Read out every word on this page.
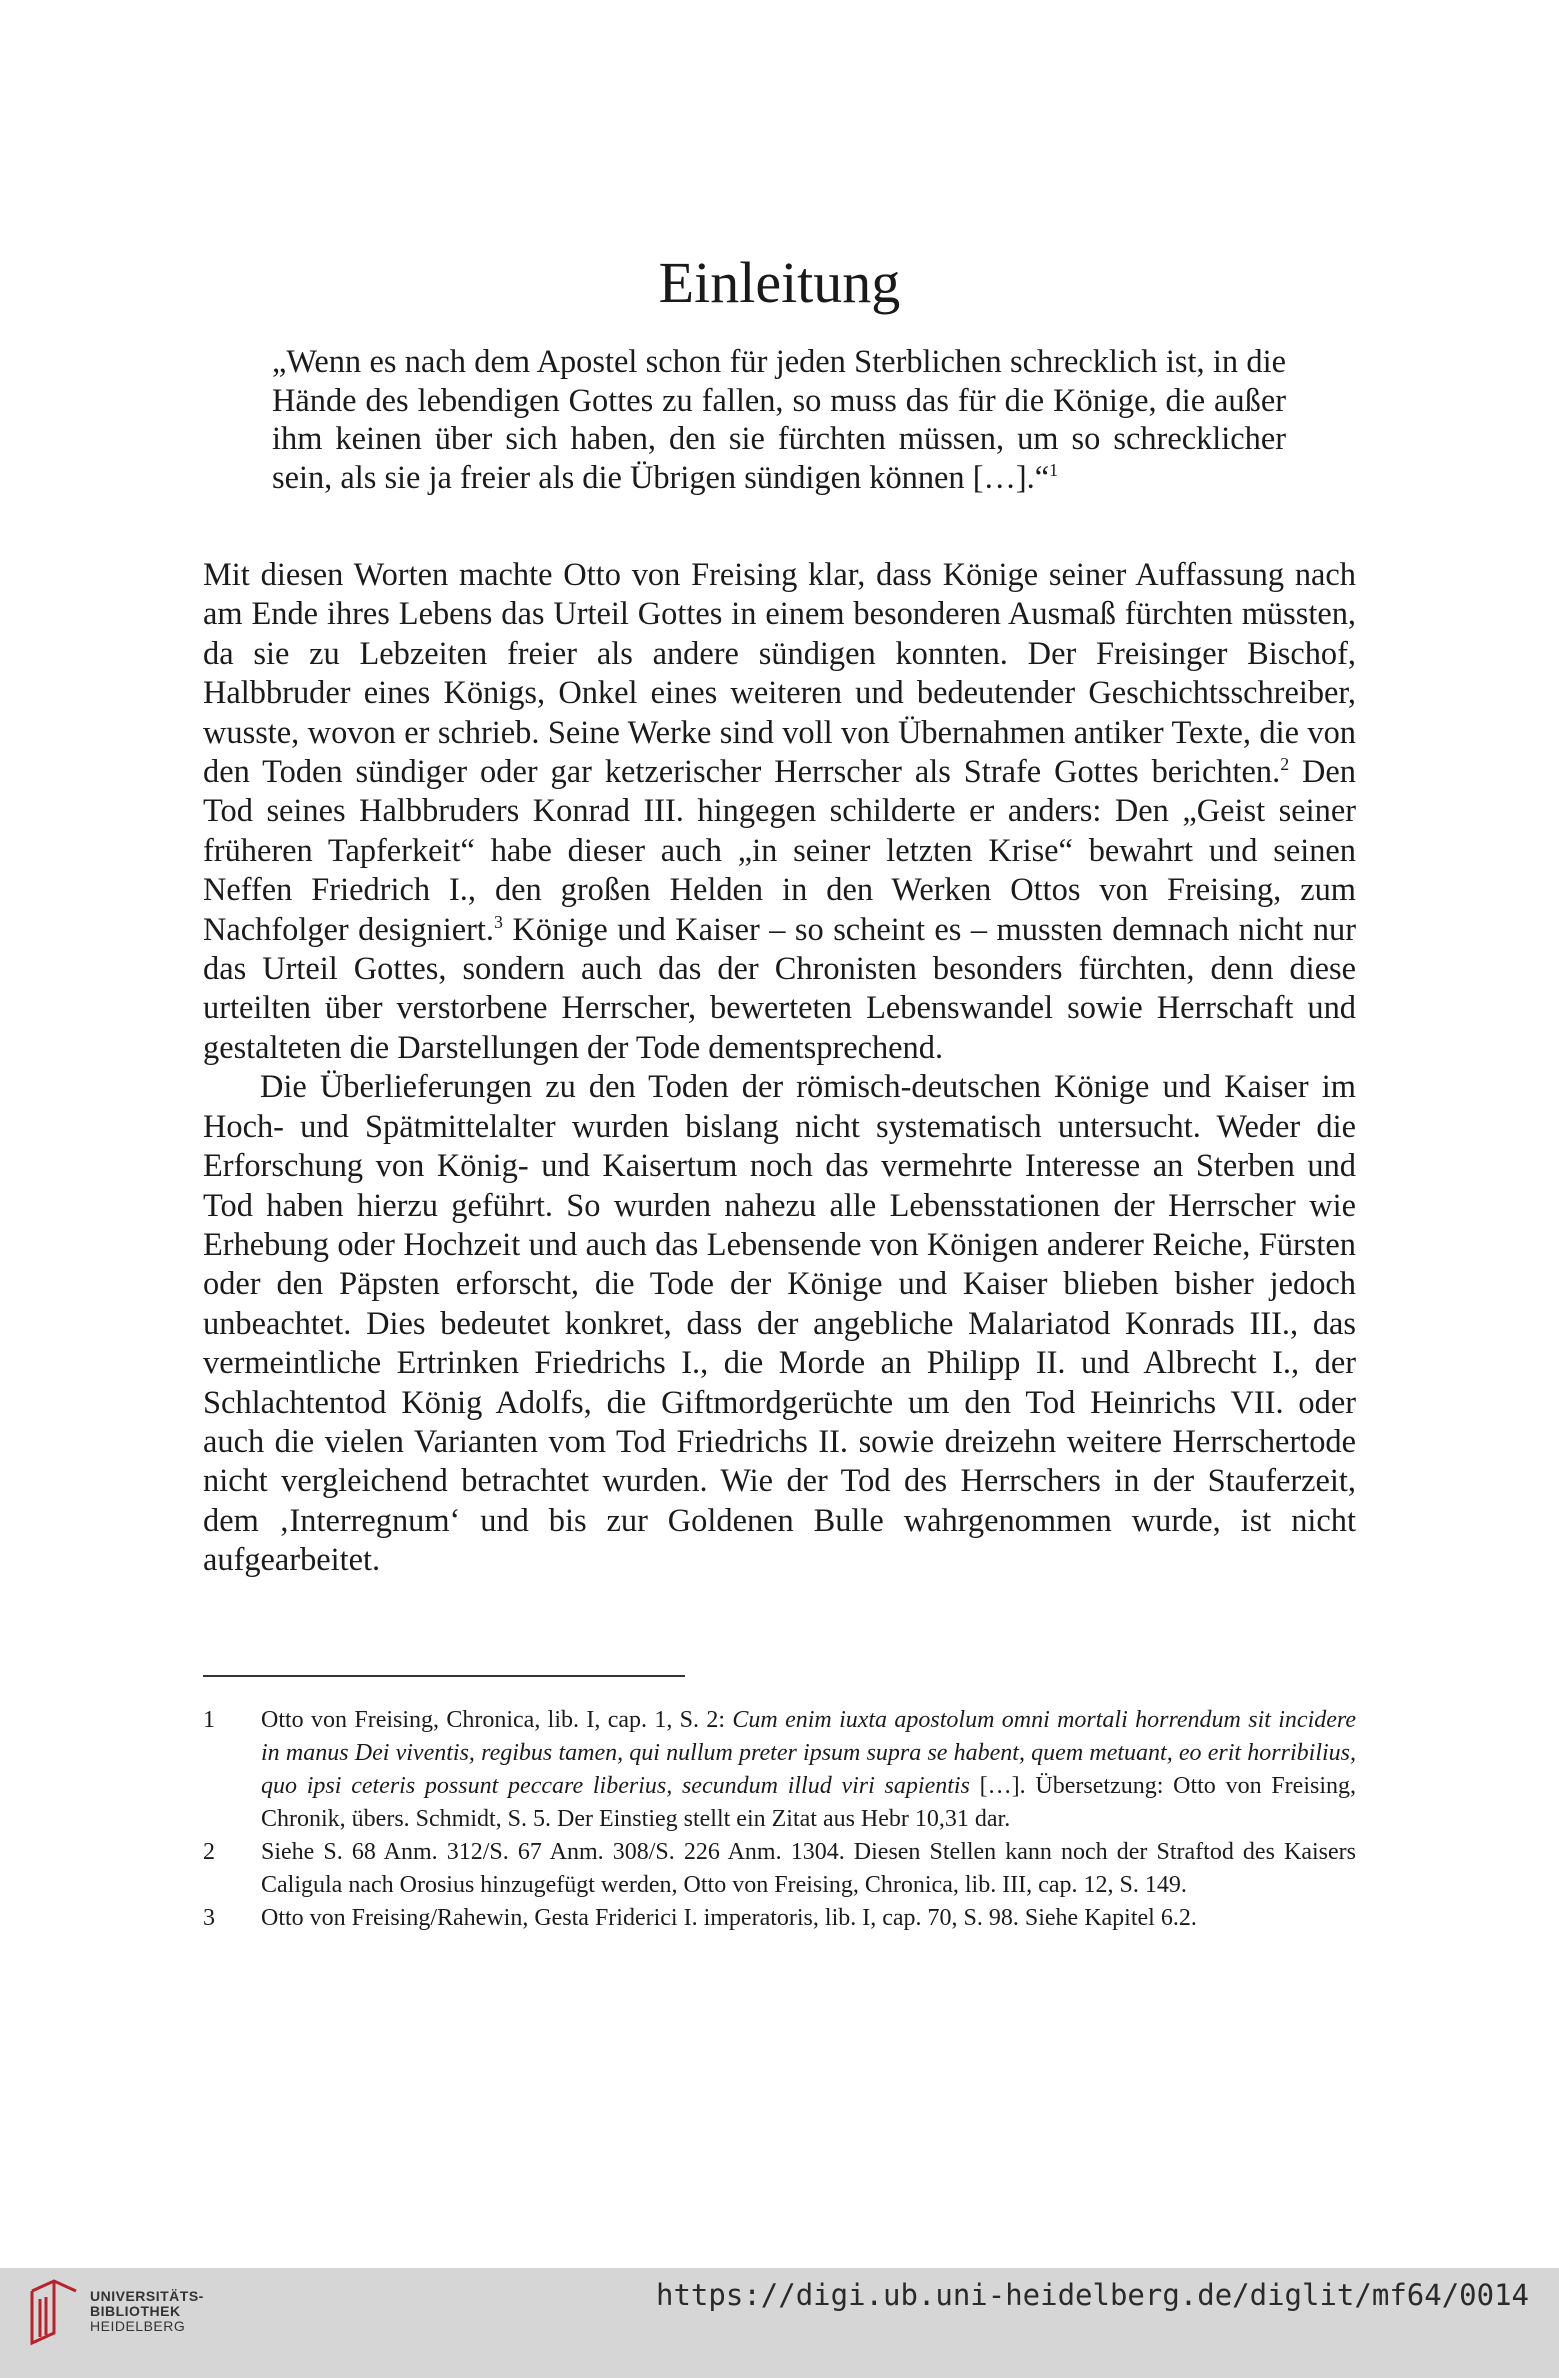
Einleitung

„Wenn es nach dem Apostel schon für jeden Sterblichen schrecklich ist, in die Hände des lebendigen Gottes zu fallen, so muss das für die Könige, die außer ihm keinen über sich haben, den sie fürchten müssen, um so schrecklicher sein, als sie ja freier als die Übrigen sündigen können […].“$^1$

Mit diesen Worten machte Otto von Freising klar, dass Könige seiner Auffassung nach am Ende ihres Lebens das Urteil Gottes in einem besonderen Ausmaß fürchten müssten, da sie zu Lebzeiten freier als andere sündigen konnten. Der Freisinger Bischof, Halbbruder eines Königs, Onkel eines weiteren und bedeutender Geschichtsschreiber, wusste, wovon er schrieb. Seine Werke sind voll von Übernahmen antiker Texte, die von den Toden sündiger oder gar ketzerischer Herrscher als Strafe Gottes berichten.$^2$ Den Tod seines Halbbruders Konrad III. hingegen schilderte er anders: Den „Geist seiner früheren Tapferkeit“ habe dieser auch „in seiner letzten Krise“ bewahrt und seinen Neffen Friedrich I., den großen Helden in den Werken Ottos von Freising, zum Nachfolger designiert.$^3$ Könige und Kaiser – so scheint es – mussten demnach nicht nur das Urteil Gottes, sondern auch das der Chronisten besonders fürchten, denn diese urteilten über verstorbene Herrscher, bewerteten Lebenswandel sowie Herrschaft und gestalteten die Darstellungen der Tode dementsprechend.

Die Überlieferungen zu den Toden der römisch-deutschen Könige und Kaiser im Hoch- und Spätmittelalter wurden bislang nicht systematisch untersucht. Weder die Erforschung von König- und Kaisertum noch das vermehrte Interesse an Sterben und Tod haben hierzu geführt. So wurden nahezu alle Lebensstationen der Herrscher wie Erhebung oder Hochzeit und auch das Lebensende von Königen anderer Reiche, Fürsten oder den Päpsten erforscht, die Tode der Könige und Kaiser blieben bisher jedoch unbeachtet. Dies bedeutet konkret, dass der angebliche Malariatod Konrads III., das vermeintliche Ertrinken Friedrichs I., die Morde an Philipp II. und Albrecht I., der Schlachtentod König Adolfs, die Giftmordgerüchte um den Tod Heinrichs VII. oder auch die vielen Varianten vom Tod Friedrichs II. sowie dreizehn weitere Herrschertode nicht vergleichend betrachtet wurden. Wie der Tod des Herrschers in der Stauferzeit, dem ‚Interregnum‘ und bis zur Goldenen Bulle wahrgenommen wurde, ist nicht aufgearbeitet.

1 Otto von Freising, Chronica, lib. I, cap. 1, S. 2: Cum enim iuxta apostolum omni mortali horrendum sit incidere in manus Dei viventis, regibus tamen, qui nullum preter ipsum supra se habent, quem metuant, eo erit horribilius, quo ipsi ceteris possunt peccare liberius, secundum illud viri sapientis […]. Übersetzung: Otto von Freising, Chronik, übers. Schmidt, S. 5. Der Einstieg stellt ein Zitat aus Hebr 10,31 dar.

2 Siehe S. 68 Anm. 312/S. 67 Anm. 308/S. 226 Anm. 1304. Diesen Stellen kann noch der Straftod des Kaisers Caligula nach Orosius hinzugefügt werden, Otto von Freising, Chronica, lib. III, cap. 12, S. 149.

3 Otto von Freising/Rahewin, Gesta Friderici I. imperatoris, lib. I, cap. 70, S. 98. Siehe Kapitel 6.2.

UNIVERSITÄTS-
BIBLIOTHEK
HEIDELBERG
https://digi.ub.uni-heidelberg.de/diglit/mf64/0014
